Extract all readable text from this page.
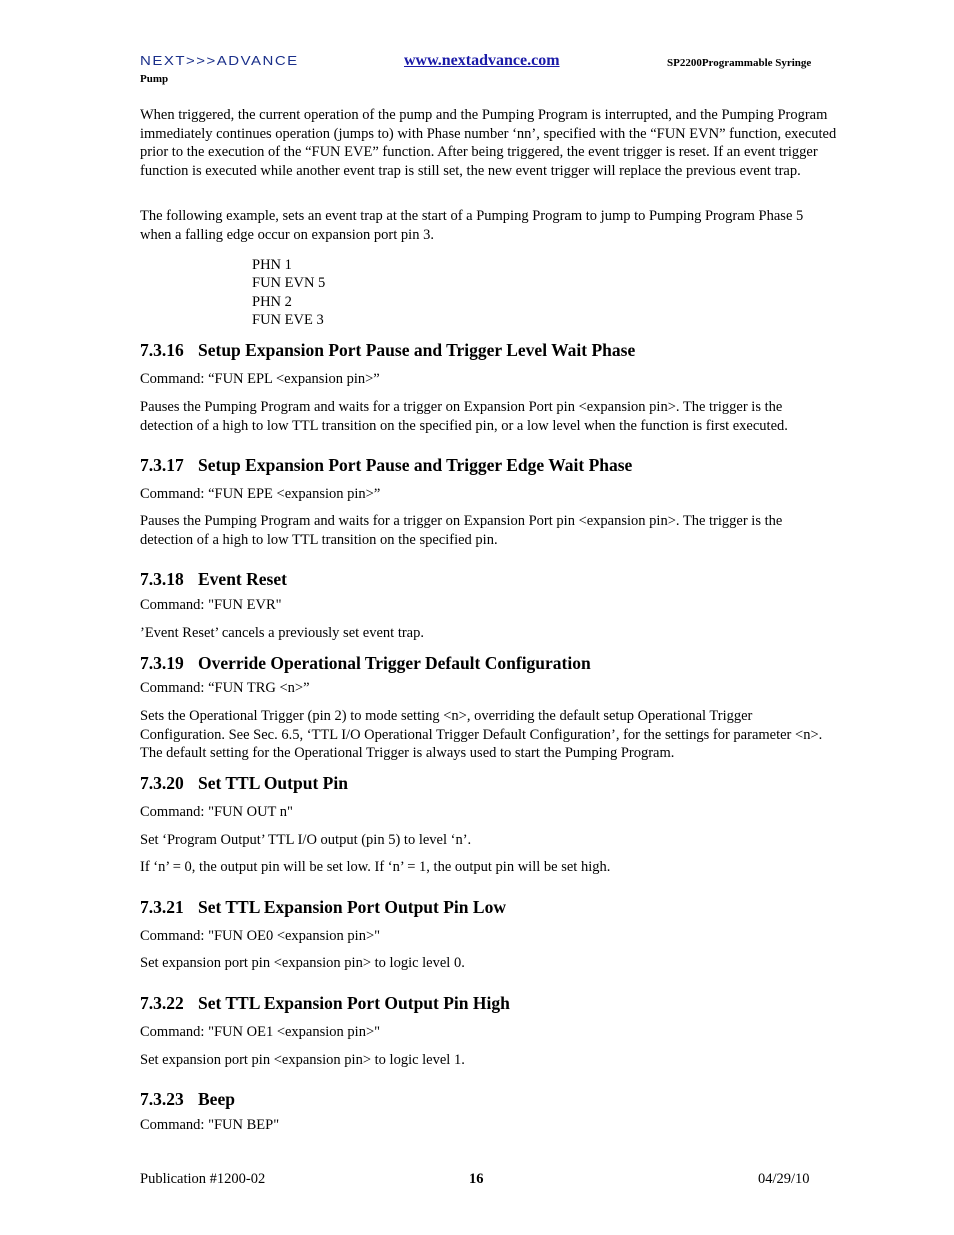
NEXT>>>ADVANCE	www.nextadvance.com	SP2200Programmable Syringe
Pump

When triggered, the current operation of the pump and the Pumping Program is interrupted, and the Pumping Program immediately continues operation (jumps to) with Phase number ‘nn’, specified with the “FUN EVN” function, executed prior to the execution of the “FUN EVE” function. After being triggered, the event trigger is reset. If an event trigger function is executed while another event trap is still set, the new event trigger will replace the previous event trap.

The following example, sets an event trap at the start of a Pumping Program to jump to Pumping Program Phase 5 when a falling edge occur on expansion port pin 3.

PHN 1
FUN EVN 5
PHN 2
FUN EVE 3
7.3.16 Setup Expansion Port Pause and Trigger Level Wait Phase

Command: “FUN EPL <expansion pin>”

Pauses the Pumping Program and waits for a trigger on Expansion Port pin <expansion pin>. The trigger is the detection of a high to low TTL transition on the specified pin, or a low level when the function is first executed.

7.3.17 Setup Expansion Port Pause and Trigger Edge Wait Phase

Command: “FUN EPE <expansion pin>”

Pauses the Pumping Program and waits for a trigger on Expansion Port pin <expansion pin>. The trigger is the detection of a high to low TTL transition on the specified pin.

7.3.18 Event Reset

Command: "FUN EVR"

’Event Reset’ cancels a previously set event trap.

7.3.19 Override Operational Trigger Default Configuration

Command: “FUN TRG <n>”

Sets the Operational Trigger (pin 2) to mode setting <n>, overriding the default setup Operational Trigger Configuration. See Sec. 6.5, ‘TTL I/O Operational Trigger Default Configuration’, for the settings for parameter <n>. The default setting for the Operational Trigger is always used to start the Pumping Program.

7.3.20 Set TTL Output Pin

Command: "FUN OUT n"

Set ‘Program Output’ TTL I/O output (pin 5) to level ‘n’.

If ‘n’ = 0, the output pin will be set low. If ‘n’ = 1, the output pin will be set high.

7.3.21 Set TTL Expansion Port Output Pin Low

Command: "FUN OE0 <expansion pin>"

Set expansion port pin <expansion pin> to logic level 0.

7.3.22 Set TTL Expansion Port Output Pin High

Command: "FUN OE1 <expansion pin>"

Set expansion port pin <expansion pin> to logic level 1.

7.3.23 Beep

Command: "FUN BEP"

Publication #1200-02	16	04/29/10
